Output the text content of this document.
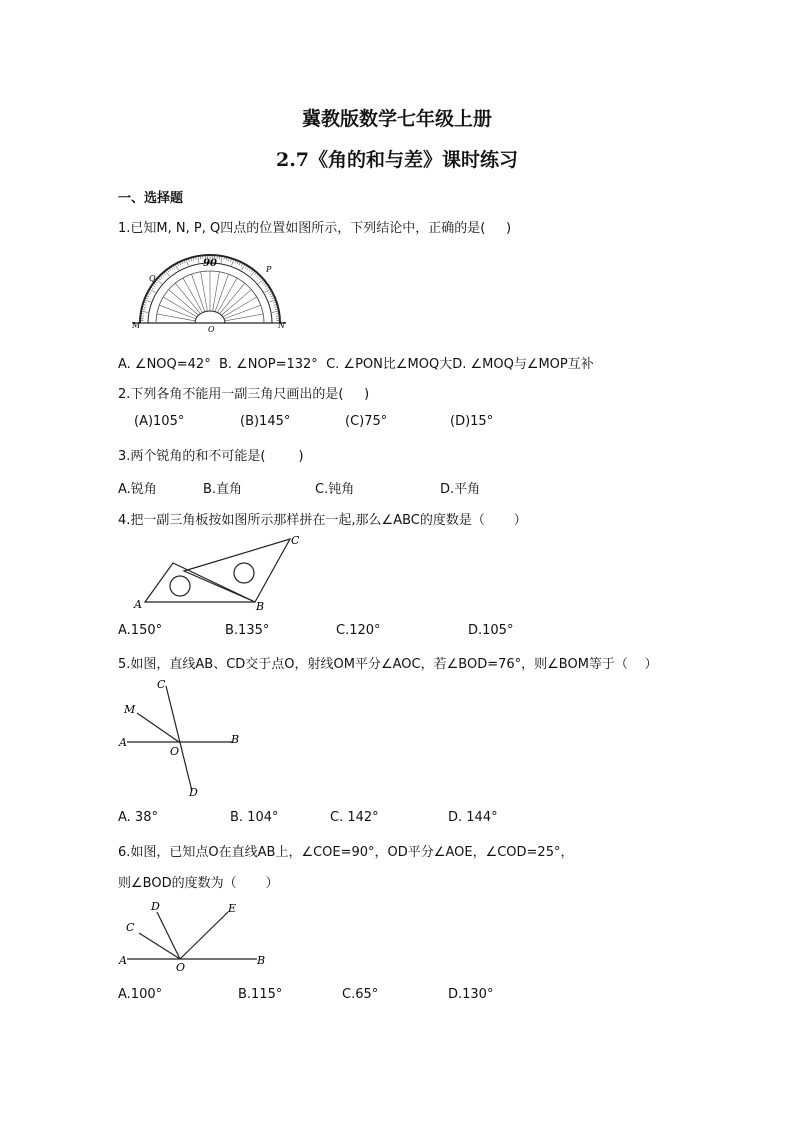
冀教版数学七年级上册
2.7《角的和与差》课时练习
一、选择题
1.已知M, N, P, Q四点的位置如图所示，下列结论中，正确的是(     )
90
M	N
O
Q
P
A. ∠NOQ=42°  B. ∠NOP=132°  C. ∠PON比∠MOQ大D. ∠MOQ与∠MOP互补
2.下列各角不能用一副三角尺画出的是(     )
(A)105°	(B)145°	(C)75°	(D)15°
3.两个锐角的和不可能是(        )
A.锐角	B.直角	C.钝角	D.平角
4.把一副三角板按如图所示那样拼在一起,那么∠ABC的度数是（       ）
A	B
C
A.150°	B.135°	C.120°	D.105°
5.如图，直线AB、CD交于点O，射线OM平分∠AOC，若∠BOD=76°，则∠BOM等于（    ）
A	B
C
D
M
O
A. 38°	B. 104°	C. 142°	D. 144°
6.如图，已知点O在直线AB上，∠COE=90°，OD平分∠AOE，∠COD=25°，
则∠BOD的度数为（       ）
A	B
C
D	E
O
A.100°	B.115°	C.65°	D.130°
